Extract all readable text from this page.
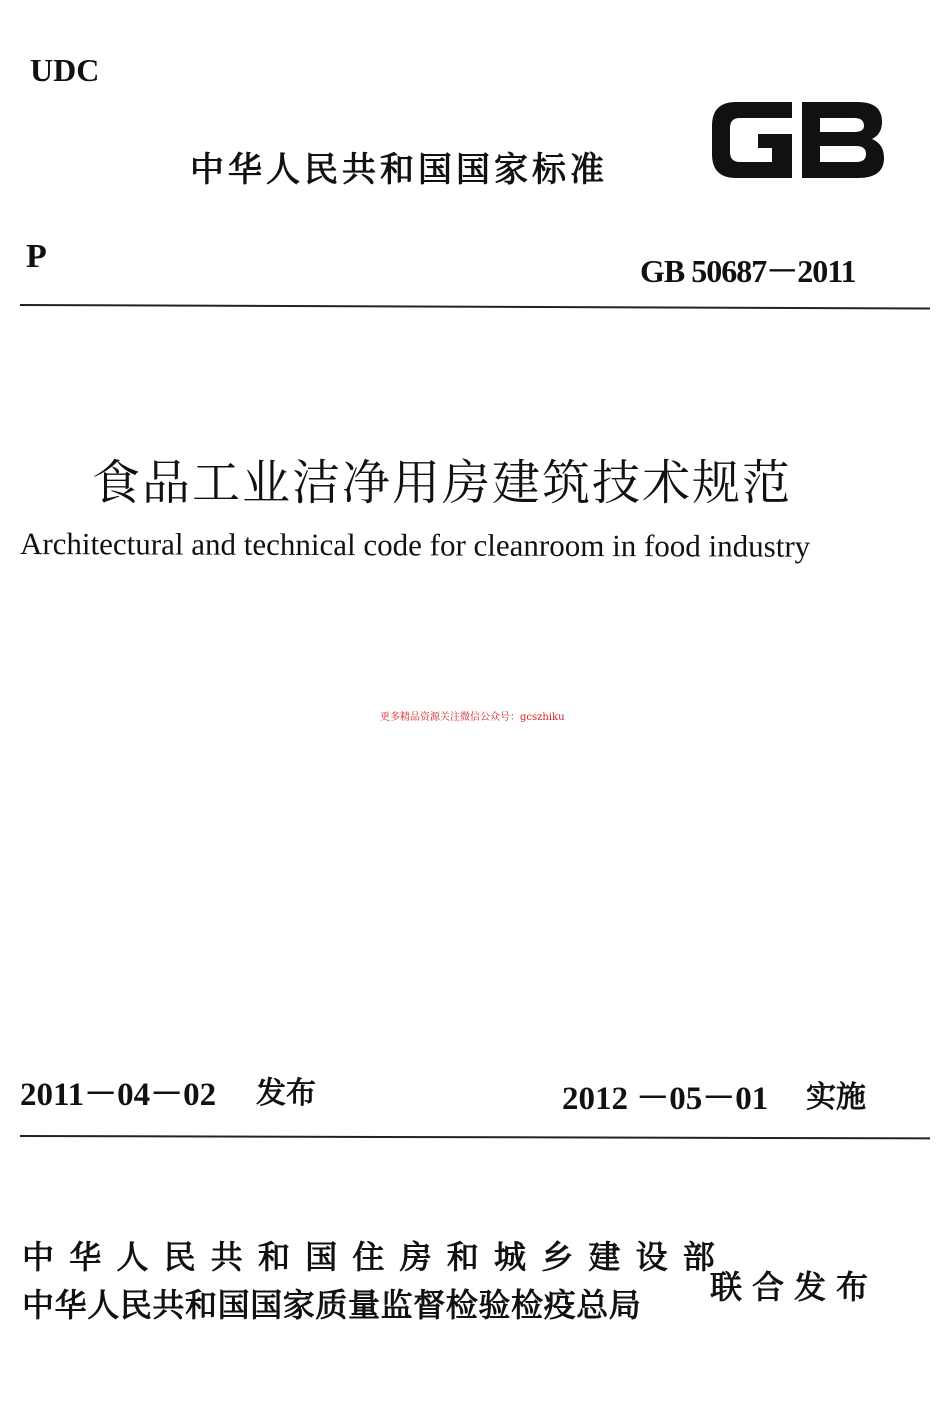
UDC
中华人民共和国国家标准
P	GB 50687－2011
食品工业洁净用房建筑技术规范
Architectural and technical code for cleanroom in food industry
更多精品资源关注微信公众号：gcszhiku
2011－04－02 发布	2012 －05－01 实施
中华人民共和国住房和城乡建设部
中华人民共和国国家质量监督检验检疫总局 联合发布
